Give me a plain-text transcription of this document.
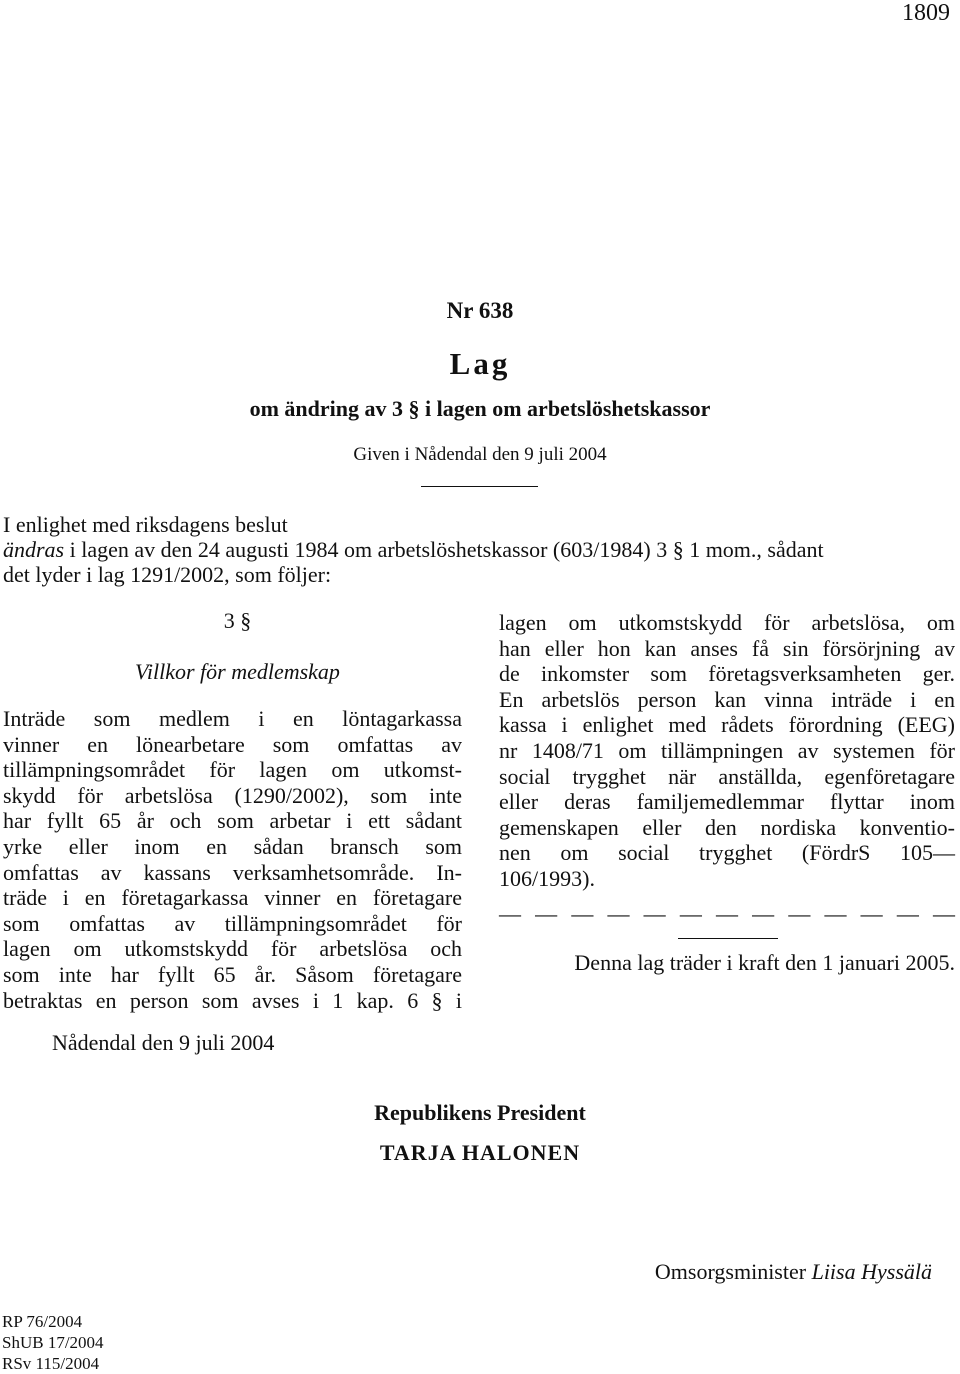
1809
Nr 638
Lag
om ändring av 3 § i lagen om arbetslöshetskassor
Given i Nådendal den 9 juli 2004
I enlighet med riksdagens beslut
ändras i lagen av den 24 augusti 1984 om arbetslöshetskassor (603/1984) 3 § 1 mom., sådant
det lyder i lag 1291/2002, som följer:
3 §
Villkor för medlemskap
Inträde som medlem i en löntagarkassa
vinner en lönearbetare som omfattas av
tillämpningsområdet för lagen om utkomst-
skydd för arbetslösa (1290/2002), som inte
har fyllt 65 år och som arbetar i ett sådant
yrke eller inom en sådan bransch som
omfattas av kassans verksamhetsområde. In-
träde i en företagarkassa vinner en företagare
som omfattas av tillämpningsområdet för
lagen om utkomstskydd för arbetslösa och
som inte har fyllt 65 år. Såsom företagare
betraktas en person som avses i 1 kap. 6 § i
lagen om utkomstskydd för arbetslösa, om
han eller hon kan anses få sin försörjning av
de inkomster som företagsverksamheten ger.
En arbetslös person kan vinna inträde i en
kassa i enlighet med rådets förordning (EEG)
nr 1408/71 om tillämpningen av systemen för
social trygghet när anställda, egenföretagare
eller deras familjemedlemmar flyttar inom
gemenskapen eller den nordiska konventio-
nen om social trygghet (FördrS 105—
106/1993).
— — — — — — — — — — — — —
Denna lag träder i kraft den 1 januari 2005.
Nådendal den 9 juli 2004
Republikens President
TARJA HALONEN
Omsorgsminister Liisa Hyssälä
RP 76/2004
ShUB 17/2004
RSv 115/2004
